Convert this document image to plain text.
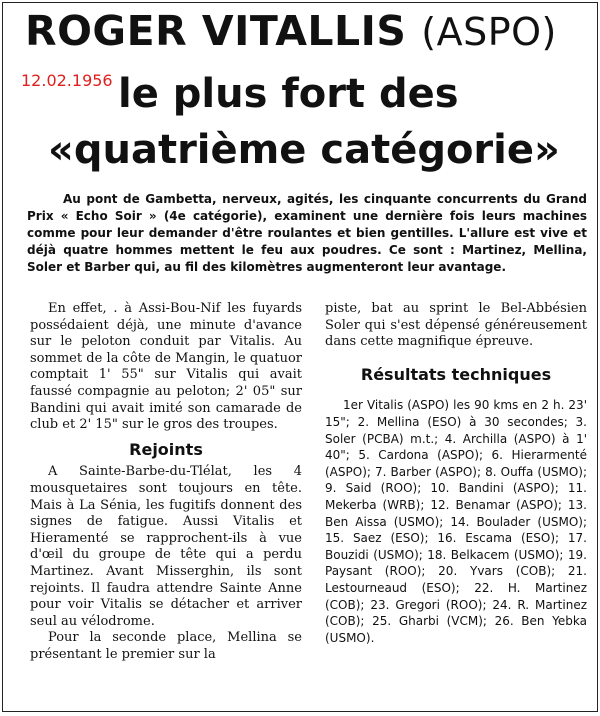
ROGER VITALLIS (ASPO)
12.02.1956 le plus fort des
«quatrième catégorie»
Au pont de Gambetta, nerveux, agités, les cinquante concurrents du Grand Prix « Echo Soir » (4e catégorie), examinent une dernière fois leurs machines comme pour leur demander d'être roulantes et bien gentilles. L'allure est vive et déjà quatre hommes mettent le feu aux poudres. Ce sont : Martinez, Mellina, Soler et Barber qui, au fil des kilomètres augmenteront leur avantage.

En effet, . à Assi-Bou-Nif les fuyards possédaient déjà, une minute d'avance sur le peloton conduit par Vitalis. Au sommet de la côte de Mangin, le quatuor comptait 1' 55" sur Vitalis qui avait faussé compagnie au peloton; 2' 05" sur Bandini qui avait imité son camarade de club et 2' 15" sur le gros des troupes.

Rejoints

A Sainte-Barbe-du-Tlélat, les 4 mousquetaires sont toujours en tête. Mais à La Sénia, les fugitifs donnent des signes de fatigue. Aussi Vitalis et Hieramenté se rapprochent-ils à vue d'œil du groupe de tête qui a perdu Martinez. Avant Misserghin, ils sont rejoints. Il faudra attendre Sainte Anne pour voir Vitalis se détacher et arriver seul au vélodrome.

Pour la seconde place, Mellina se présentant le premier sur la

piste, bat au sprint le Bel-Abbésien Soler qui s'est dépensé généreusement dans cette magnifique épreuve.

Résultats techniques

1er Vitalis (ASPO) les 90 kms en 2 h. 23' 15"; 2. Mellina (ESO) à 30 secondes; 3. Soler (PCBA) m.t.; 4. Archilla (ASPO) à 1' 40"; 5. Cardona (ASPO); 6. Hierarmenté (ASPO); 7. Barber (ASPO); 8. Ouffa (USMO); 9. Said (ROO); 10. Bandini (ASPO); 11. Mekerba (WRB); 12. Benamar (ASPO); 13. Ben Aissa (USMO); 14. Boulader (USMO); 15. Saez (ESO); 16. Escama (ESO); 17. Bouzidi (USMO); 18. Belkacem (USMO); 19. Paysant (ROO); 20. Yvars (COB); 21. Lestourneaud (ESO); 22. H. Martinez (COB); 23. Gregori (ROO); 24. R. Martinez (COB); 25. Gharbi (VCM); 26. Ben Yebka (USMO).
